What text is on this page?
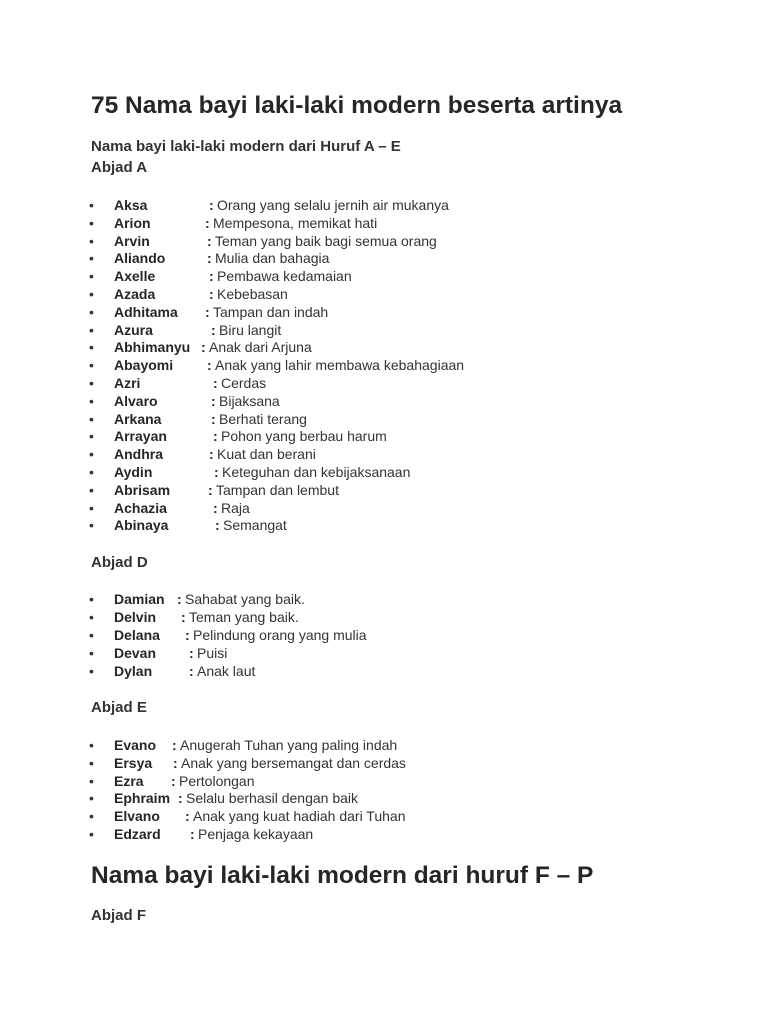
75 Nama bayi laki-laki modern beserta artinya
Nama bayi laki-laki modern dari Huruf A – E
Abjad A
• Aksa	: Orang yang selalu jernih air mukanya
• Arion	: Mempesona, memikat hati
• Arvin	: Teman yang baik bagi semua orang
• Aliando	: Mulia dan bahagia
• Axelle	: Pembawa kedamaian
• Azada	: Kebebasan
• Adhitama : Tampan dan indah
• Azura	: Biru langit
• Abhimanyu : Anak dari Arjuna
• Abayomi : Anak yang lahir membawa kebahagiaan
• Azri	: Cerdas
• Alvaro	: Bijaksana
• Arkana	: Berhati terang
• Arrayan	: Pohon yang berbau harum
• Andhra	: Kuat dan berani
• Aydin	: Keteguhan dan kebijaksanaan
• Abrisam	: Tampan dan lembut
• Achazia	: Raja
• Abinaya	: Semangat
Abjad D
• Damian : Sahabat yang baik.
• Delvin : Teman yang baik.
• Delana : Pelindung orang yang mulia
• Devan : Puisi
• Dylan	: Anak laut
Abjad E
• Evano : Anugerah Tuhan yang paling indah
• Ersya : Anak yang bersemangat dan cerdas
• Ezra : Pertolongan
• Ephraim : Selalu berhasil dengan baik
• Elvano : Anak yang kuat hadiah dari Tuhan
• Edzard : Penjaga kekayaan
Nama bayi laki-laki modern dari huruf F – P
Abjad F
